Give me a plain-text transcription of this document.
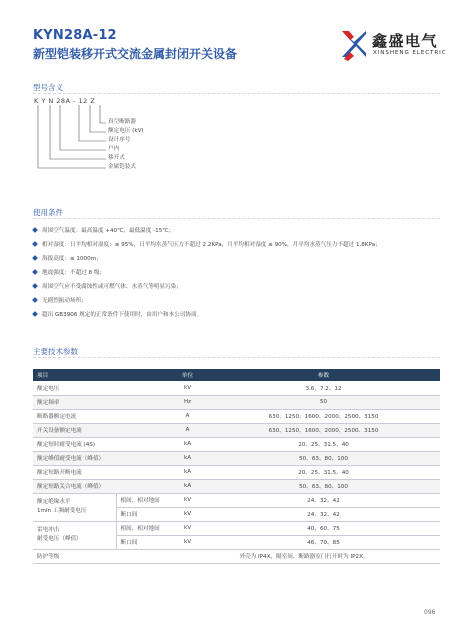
KYN28A-12
新型铠装移开式交流金属封闭开关设备
鑫盛电气
XINSHENG ELECTRIC
型号含义
K Y N 28A - 12 Z
真空断路器
额定电压 (kV)
设计序号
户内
移开式
金属铠装式
使用条件
周围空气温度：最高温度 +40℃，最低温度 -15℃；
相对湿度：日平均相对湿度：≤ 95%，日平均水蒸气压力不超过 2.2KPa，月平均相对湿度 ≤ 90%，月平均水蒸气压力不超过 1.8KPa；
海拔高度：≤ 1000m；
地震强度：不超过 8 级；
周围空气应不受腐蚀性或可燃气体、水蒸气等明显污染；
无剧烈振动场所；
超出 GB3906 规定的正常条件下使用时，由用户和本公司协商。
主要技术参数
项目		单位	参数
额定电压		kV	3.6、7.2、12
额定频率		Hz	50
断路器额定电流		A	630、1250、1600、2000、2500、3150
开关设备额定电流		A	630、1250、1600、2000、2500、3150
额定短时耐受电流 (4S)		kA	20、25、31.5、40
额定峰值耐受电流（峰值）		kA	50、63、80、100
额定短路开断电流		kA	20、25、31.5、40
额定短路关合电流（峰值）		kA	50、63、80、100
额定绝缘水平
1min 工频耐受电压	相间、相对地间	kV	24、32、42
	断口间	kV	24、32、42
雷电冲击
耐受电压（峰值）	相间、相对地间	kV	40、60、75
	断口间	kV	46、70、85
防护等级		外壳为 IP4X，隔室间、断路器室门打开时为 IP2X。	
096
